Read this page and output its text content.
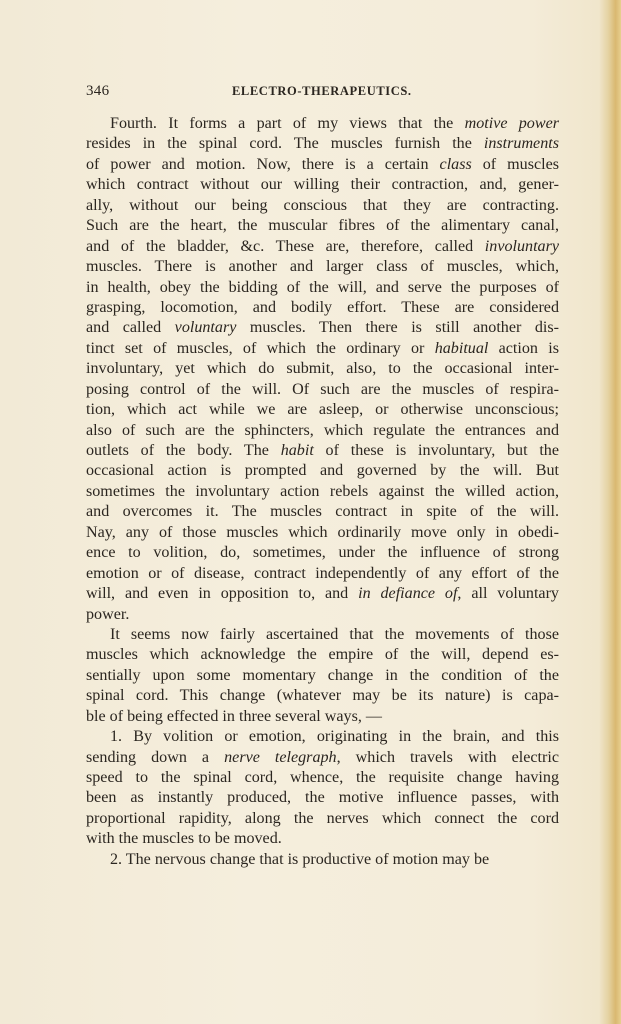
346	ELECTRO-THERAPEUTICS.
Fourth. It forms a part of my views that the motive power
resides in the spinal cord. The muscles furnish the instruments
of power and motion. Now, there is a certain class of muscles
which contract without our willing their contraction, and, gener-
ally, without our being conscious that they are contracting.
Such are the heart, the muscular fibres of the alimentary canal,
and of the bladder, &c. These are, therefore, called involuntary
muscles. There is another and larger class of muscles, which,
in health, obey the bidding of the will, and serve the purposes of
grasping, locomotion, and bodily effort. These are considered
and called voluntary muscles. Then there is still another dis-
tinct set of muscles, of which the ordinary or habitual action is
involuntary, yet which do submit, also, to the occasional inter-
posing control of the will. Of such are the muscles of respira-
tion, which act while we are asleep, or otherwise unconscious;
also of such are the sphincters, which regulate the entrances and
outlets of the body. The habit of these is involuntary, but the
occasional action is prompted and governed by the will. But
sometimes the involuntary action rebels against the willed action,
and overcomes it. The muscles contract in spite of the will.
Nay, any of those muscles which ordinarily move only in obedi-
ence to volition, do, sometimes, under the influence of strong
emotion or of disease, contract independently of any effort of the
will, and even in opposition to, and in defiance of, all voluntary
power.
It seems now fairly ascertained that the movements of those
muscles which acknowledge the empire of the will, depend es-
sentially upon some momentary change in the condition of the
spinal cord. This change (whatever may be its nature) is capa-
ble of being effected in three several ways, —
1. By volition or emotion, originating in the brain, and this
sending down a nerve telegraph, which travels with electric
speed to the spinal cord, whence, the requisite change having
been as instantly produced, the motive influence passes, with
proportional rapidity, along the nerves which connect the cord
with the muscles to be moved.
2. The nervous change that is productive of motion may be
